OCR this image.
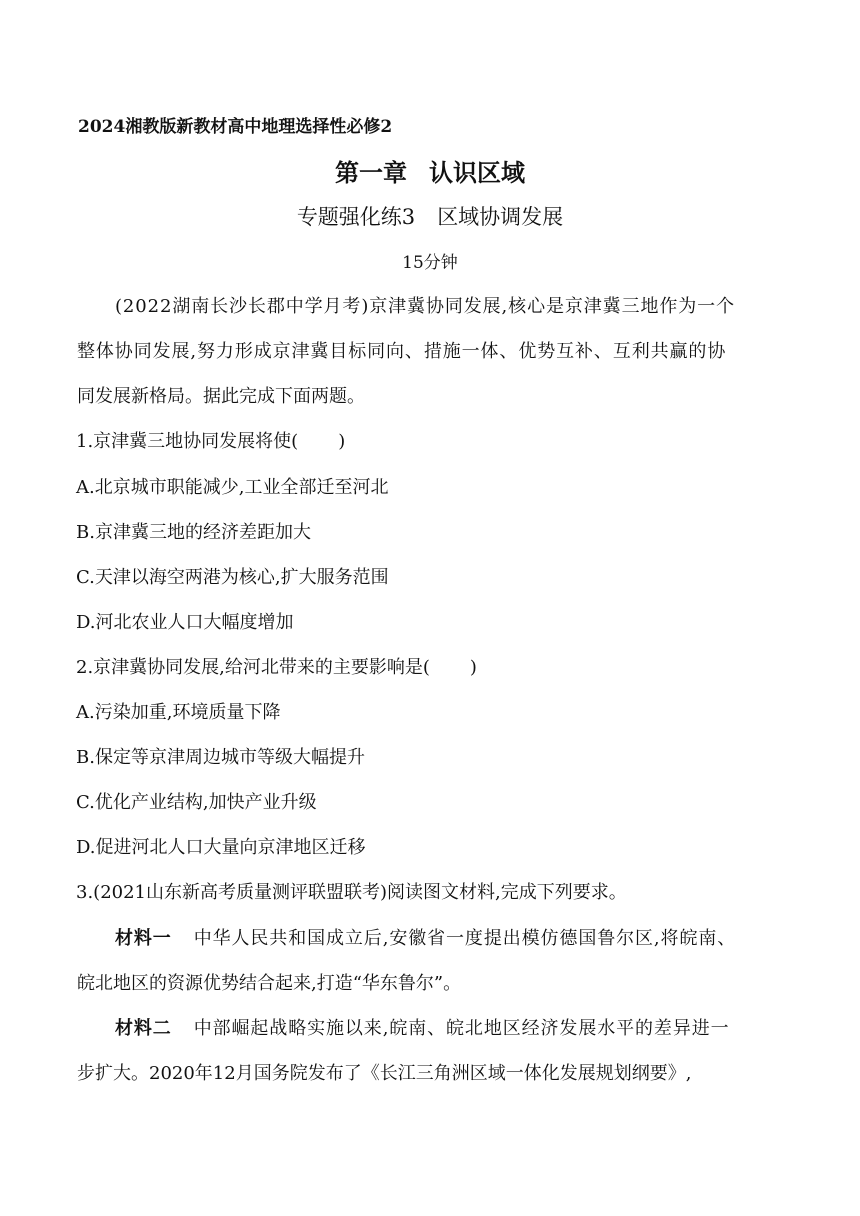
2024湘教版新教材高中地理选择性必修2
第一章 认识区域
专题强化练3 区域协调发展
15分钟
(2022湖南长沙长郡中学月考)京津冀协同发展,核心是京津冀三地作为一个
整体协同发展,努力形成京津冀目标同向、措施一体、优势互补、互利共赢的协
同发展新格局。据此完成下面两题。
1.京津冀三地协同发展将使( )
A.北京城市职能减少,工业全部迁至河北
B.京津冀三地的经济差距加大
C.天津以海空两港为核心,扩大服务范围
D.河北农业人口大幅度增加
2.京津冀协同发展,给河北带来的主要影响是( )
A.污染加重,环境质量下降
B.保定等京津周边城市等级大幅提升
C.优化产业结构,加快产业升级
D.促进河北人口大量向京津地区迁移
3.(2021山东新高考质量测评联盟联考)阅读图文材料,完成下列要求。
材料一 中华人民共和国成立后,安徽省一度提出模仿德国鲁尔区,将皖南、
皖北地区的资源优势结合起来,打造“华东鲁尔”。
材料二 中部崛起战略实施以来,皖南、皖北地区经济发展水平的差异进一
步扩大。2020年12月国务院发布了《长江三角洲区域一体化发展规划纲要》,
